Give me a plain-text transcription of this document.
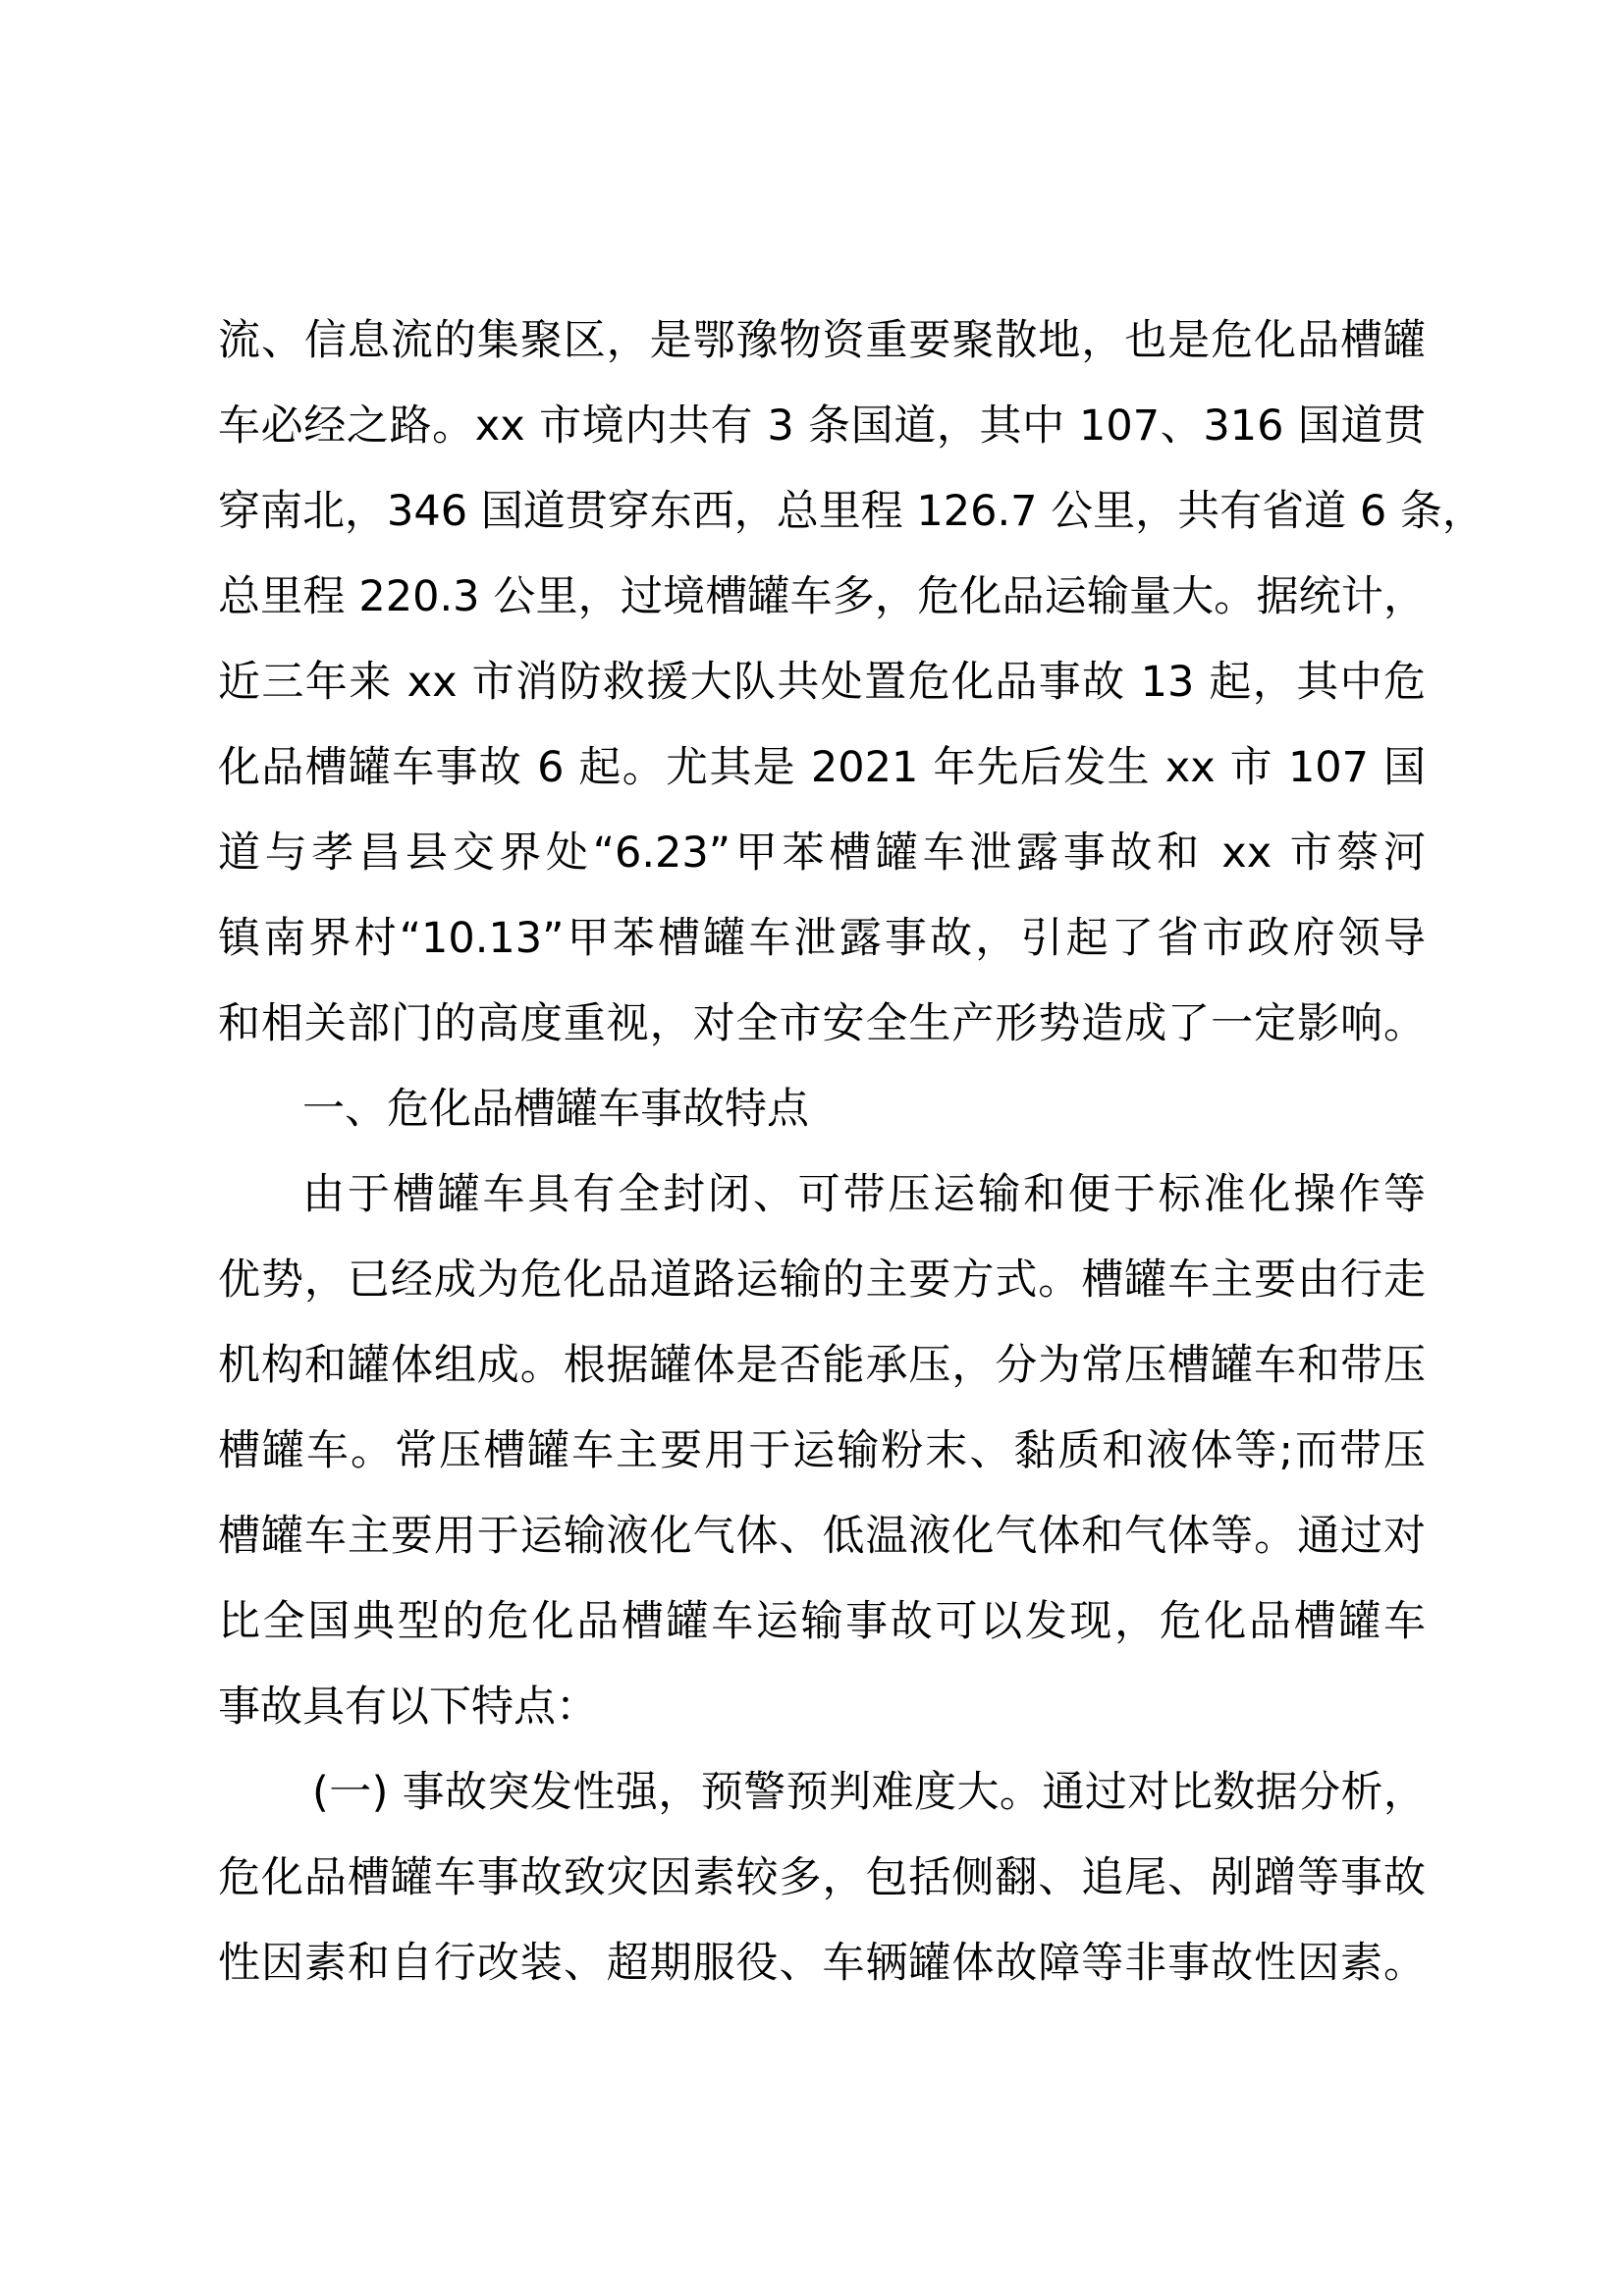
流、信息流的集聚区，是鄂豫物资重要聚散地，也是危化品槽罐
车必经之路。xx 市境内共有 3 条国道，其中 107、316 国道贯
穿南北，346 国道贯穿东西，总里程 126.7 公里，共有省道 6 条，
总里程 220.3 公里，过境槽罐车多，危化品运输量大。据统计，
近三年来 xx 市消防救援大队共处置危化品事故 13 起，其中危
化品槽罐车事故 6 起。尤其是 2021 年先后发生 xx 市 107 国
道与孝昌县交界处“6.23”甲苯槽罐车泄露事故和 xx 市蔡河
镇南界村“10.13”甲苯槽罐车泄露事故，引起了省市政府领导
和相关部门的高度重视，对全市安全生产形势造成了一定影响。
一、危化品槽罐车事故特点
由于槽罐车具有全封闭、可带压运输和便于标准化操作等
优势，已经成为危化品道路运输的主要方式。槽罐车主要由行走
机构和罐体组成。根据罐体是否能承压，分为常压槽罐车和带压
槽罐车。常压槽罐车主要用于运输粉末、黏质和液体等;而带压
槽罐车主要用于运输液化气体、低温液化气体和气体等。通过对
比全国典型的危化品槽罐车运输事故可以发现，危化品槽罐车
事故具有以下特点：
(一) 事故突发性强，预警预判难度大。通过对比数据分析，
危化品槽罐车事故致灾因素较多，包括侧翻、追尾、剐蹭等事故
性因素和自行改装、超期服役、车辆罐体故障等非事故性因素。
